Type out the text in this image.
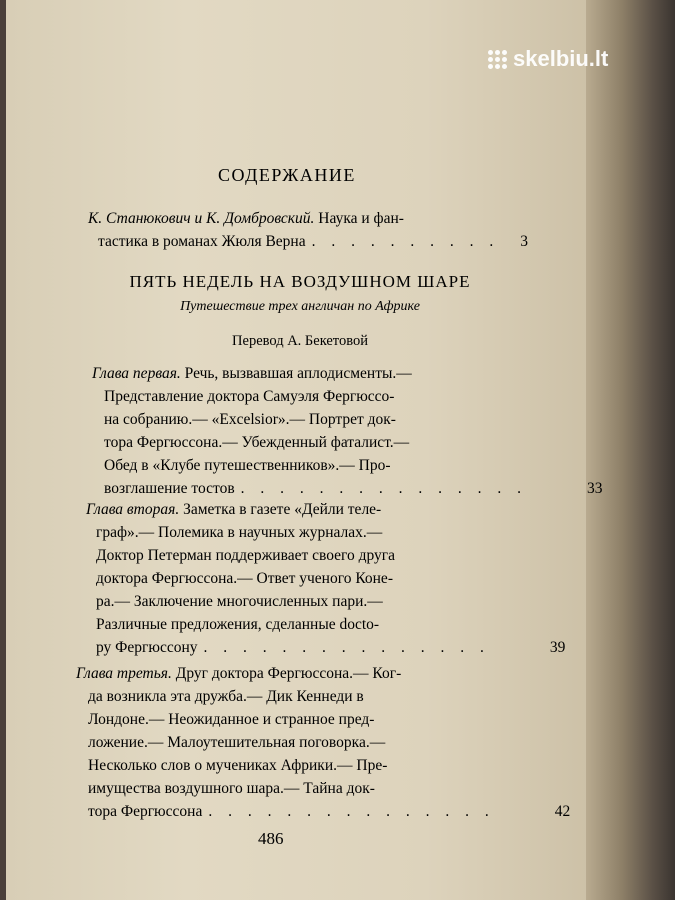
skelbiu.lt
СОДЕРЖАНИЕ
К. Станюкович и К. Домбровский.
Наука и фан-
тастика в романах Жюля Верна . . . . . . . . . .	3
ПЯТЬ НЕДЕЛЬ НА ВОЗДУШНОМ ШАРЕ
Путешествие трех англичан по Африке
Перевод А. Бекетовой
Глава первая.
Речь, вызвавшая аплодисменты.—
Представление доктора Самуэля Фергюссо-
на собранию.— «Excelsior».— Портрет док-
тора Фергюссона.— Убежденный фаталист.—
Обед в «Клубе путешественников».— Про-
возглашение тостов . . . . . . . . . . . . . . .	33
Глава вторая.
Заметка в газете «Дейли теле-
граф».— Полемика в научных журналах.—
Доктор Петерман поддерживает своего друга
доктора Фергюссона.— Ответ ученого Коне-
ра.— Заключение многочисленных пари.—
Различные предложения, сделанные docto-
ру Фергюссону . . . . . . . . . . . . . . .	39
Глава третья.
Друг доктора Фергюссона.— Ког-
да возникла эта дружба.— Дик Кеннеди в
Лондоне.— Неожиданное и странное пред-
ложение.— Малоутешительная поговорка.—
Несколько слов о мучениках Африки.— Пре-
имущества воздушного шара.— Тайна док-
тора Фергюссона . . . . . . . . . . . . . . .	42
486
